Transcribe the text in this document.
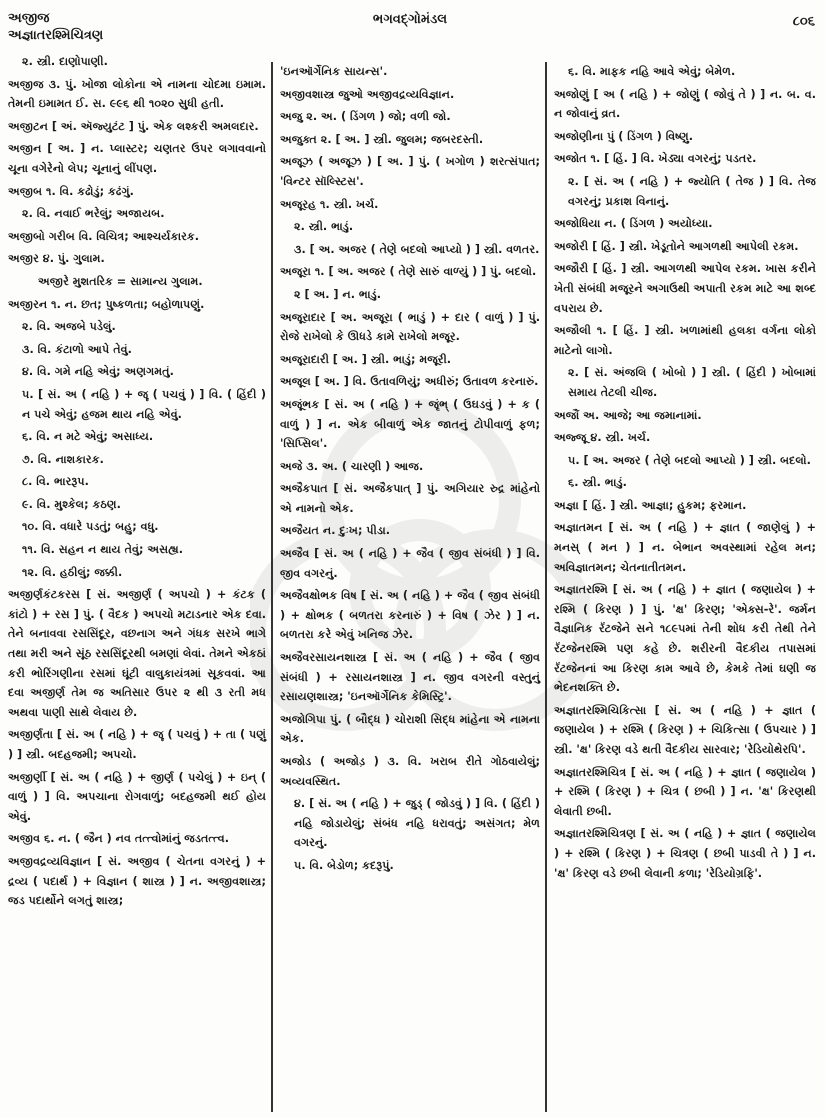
અજીજ
અજ્ઞાતરશ્મિચિત્રણ
ભગવદ્ગોમંડલ	૮૦૬

૨. સ્ત્રી. દાણોપાણી.

અજીજ ૩. પું. ખોજા લોકોના એ નામના ચોદમા ઇમામ. તેમની ઇમામત ઈ. સ. ૯૯૬ થી ૧૦૨૦ સુધી હતી.

અજીટન [ અં. ઍજ્યુટંટ ] પું. એક લશ્કરી અમલદાર.

અજીન [ અ. ] ન. પ્લાસ્ટર; ચણતર ઉપર લગાવવાનો ચૂના વગેરેનો લેપ; ચૂનાનું લીંપણ.

અજીબ ૧. વિ. કઢોડું; કઢંગું.

૨. વિ. નવાઈ ભરેલું; અજાયબ.

અજીબો ગરીબ વિ. વિચિત્ર; આશ્ચર્યકારક.

અજીર ૪. પું. ગુલામ.

અજીરે મુશતરિક = સામાન્ય ગુલામ.

અજીરન ૧. ન. છત; પુષ્કળતા; બહોળાપણું.

૨. વિ. અજબે પડેલું.

૩. વિ. કંટાળો આપે તેવું.

૪. વિ. ગમે નહિ એવું; અણગમતું.

૫. [ સં. અ ( નહિ ) + જૄ ( પચવું ) ] વિ. ( હિંદી ) ન પચે એવું; હજમ થાય નહિ એવું.

૬. વિ. ન મટે એવું; અસાધ્ય.

૭. વિ. નાશકારક.

૮. વિ. ભારરૂપ.

૯. વિ. મુશ્કેલ; કઠણ.

૧૦. વિ. વધારે પડતું; બહુ; વધુ.

૧૧. વિ. સહન ન થાય તેવું; અસહ્ય.

૧૨. વિ. હઠીલું; જક્કી.

અજીર્ણકંટકરસ [ સં. અજીર્ણ ( અપચો ) + કંટક ( કાંટો ) + રસ ] પું. ( વૈદક ) અપચો મટાડનાર એક દવા. તેને બનાવવા રસસિંદૂર, વછનાગ અને ગંધક સરખે ભાગે તથા મરી અને સૂંઠ રસસિંદૂરથી બમણાં લેવાં. તેમને એકઠાં કરી ભોરિંગણીના રસમાં ઘૂંટી વાલુકાયંત્રમાં સૂકવવાં. આ દવા અજીર્ણ તેમ જ અતિસાર ઉપર ૨ થી ૩ રતી મધ અથવા પાણી સાથે લેવાય છે.

અજીર્ણતા [ સં. અ ( નહિ ) + જૄ ( પચવું ) + તા ( પણું ) ] સ્ત્રી. બદહજમી; અપચો.

અજીર્ણી [ સં. અ ( નહિ ) + જીર્ણ ( પચેલું ) + ઇન્ ( વાળું ) ] વિ. અપચાના રોગવાળું; બદહજમી થઈ હોય એવું.

અજીવ ૬. ન. ( જૈન ) નવ તત્ત્વોમાંનું જડતત્ત્વ.

અજીવદ્રવ્યવિજ્ઞાન [ સં. અજીવ ( ચેતના વગરનું ) + દ્રવ્ય ( પદાર્થ ) + વિજ્ઞાન ( શાસ્ત્ર ) ] ન. અજીવશાસ્ત્ર; જડ પદાર્થોને લગતું શાસ્ત્ર;

'ઇનઑર્ગેનિક સાયન્સ'.

અજીવશાસ્ત્ર જુઓ અજીવદ્રવ્યવિજ્ઞાન.

અજુ ૨. અ. ( ડિંગળ ) જો; વળી જો.

અજુક્ત ૨. [ અ. ] સ્ત્રી. જુલમ; જબરદસ્તી.

અજૂઝ ( અજૂઝ ) [ અ. ] પું. ( ખગોળ ) શરત્સંપાત; 'વિન્ટર સૉલ્સ્ટિસ'.

અજૂરહ ૧. સ્ત્રી. ખર્ચ.

૨. સ્ત્રી. ભાડું.

૩. [ અ. અજર ( તેણે બદલો આપ્યો ) ] સ્ત્રી. વળતર.

અજૂરા ૧. [ અ. અજર ( તેણે સારું વાળ્યું ) ] પું. બદલો.

૨ [ અ. ] ન. ભાડું.

અજૂરાદાર [ અ. અજૂરા ( ભાડું ) + દાર ( વાળું ) ] પું. રોજે રાખેલો કે ઊધડે કામે રાખેલો મજૂર.

અજૂરાદારી [ અ. ] સ્ત્રી. ભાડું; મજૂરી.

અજૂલ [ અ. ] વિ. ઉતાવળિયું; અધીરું; ઉતાવળ કરનારું.

અજૂંભક [ સં. અ ( નહિ ) + જૃંભ્ ( ઉઘડવું ) + ક ( વાળું ) ] ન. એક બીવાળું એક જાતનું ટોપીવાળું ફળ; 'સિપ્સિલ'.

અજે ૩. અ. ( ચારણી ) આજ.

અજૈકપાત [ સં. અજૈકપાત્ ] પું. અગિયાર રુદ્ર માંહેનો એ નામનો એક.

અજૈયત ન. દુઃખ; પીડા.

અજૈવ [ સં. અ ( નહિ ) + જૈવ ( જીવ સંબંધી ) ] વિ. જીવ વગરનું.

અજૈવક્ષોભક વિષ [ સં. અ ( નહિ ) + જૈવ ( જીવ સંબંધી ) + ક્ષોભક ( બળતરા કરનારું ) + વિષ ( ઝેર ) ] ન. બળતરા કરે એવું ખનિજ ઝેર.

અજૈવરસાયનશાસ્ત્ર [ સં. અ ( નહિ ) + જૈવ ( જીવ સંબંધી ) + રસાયનશાસ્ત્ર ] ન. જીવ વગરની વસ્તુનું રસાયણશાસ્ત્ર; 'ઇનઑર્ગેનિક કેમિસ્ટ્રિ'.

અજોગિપા પું. ( બૌદ્ધ ) ચોરાશી સિદ્ધ માંહેના એ નામના એક.

અજોડ ( અજોડ઼ ) ૩. વિ. ખરાબ રીતે ગોઠવાયેલું; અવ્યવસ્થિત.

૪. [ સં. અ ( નહિ ) + જુડ્ ( જોડવું ) ] વિ. ( હિંદી ) નહિ જોડાયેલું; સંબંધ નહિ ધરાવતું; અસંગત; મેળ વગરનું.

૫. વિ. બેડોળ; કદરૂપું.

૬. વિ. માફક નહિ આવે એવું; બેમેળ.

અજોણું [ અ ( નહિ ) + જોણું ( જોવું તે ) ] ન. બ. વ. ન જોવાનું વ્રત.

અજોણીના પું ( ડિંગળ ) વિષ્ણુ.

અજોત ૧. [ હિં. ] વિ. ખેડ્યા વગરનું; પડતર.

૨. [ સં. અ ( નહિ ) + જ્યોતિ ( તેજ ) ] વિ. તેજ વગરનું; પ્રકાશ વિનાનું.

અજોધિયા ન. ( ડિંગળ ) અયોધ્યા.

અજોરી [ હિં. ] સ્ત્રી. ખેડૂતોને આગળથી આપેલી રકમ.

અજૌરી [ હિં. ] સ્ત્રી. આગળથી આપેલ રકમ. ખાસ કરીને ખેતી સંબંધી મજૂરને અગાઉથી અપાતી રકમ માટે આ શબ્દ વપરાય છે.

અજૌલી ૧. [ હિં. ] સ્ત્રી. ખળામાંથી હલકા વર્ગના લોકો માટેનો લાગો.

૨. [ સં. અંજલિ ( ખોબો ) ] સ્ત્રી. ( હિંદી ) ખોબામાં સમાય તેટલી ચીજ.

અજૌં અ. આજે; આ જમાનામાં.

અજ્જૂ ૪. સ્ત્રી. ખર્ચ.

૫. [ અ. અજર ( તેણે બદલો આપ્યો ) ] સ્ત્રી. બદલો.

૬. સ્ત્રી. ભાડું.

અજ્ઞા [ હિં. ] સ્ત્રી. આજ્ઞા; હુકમ; ફરમાન.

અજ્ઞાતમન [ સં. અ ( નહિ ) + જ્ઞાત ( જાણેલું ) + મનસ્ ( મન ) ] ન. બેભાન અવસ્થામાં રહેલ મન; અવિજ્ઞાતમન; ચેતનાતીતમન.

અજ્ઞાતરશ્મિ [ સં. અ ( નહિ ) + જ્ઞાત ( જણાયેલ ) + રશ્મિ ( કિરણ ) ] પું. 'ક્ષ' કિરણ; 'એક્સ-રે'. જર્મન વૈજ્ઞાનિક રૅંટજેને સને ૧૮૯૫માં તેની શોધ કરી તેથી તેને રૅંટજેનરશ્મિ પણ કહે છે. શરીરની વૈદકીય તપાસમાં રૅંટજેનનાં આ કિરણ કામ આવે છે, કેમકે તેમાં ઘણી જ ભેદનશક્તિ છે.

અજ્ઞાતરશ્મિચિકિત્સા [ સં. અ ( નહિ ) + જ્ઞાત ( જણાયેલ ) + રશ્મિ ( કિરણ ) + ચિકિત્સા ( ઉપચાર ) ] સ્ત્રી. 'ક્ષ' કિરણ વડે થતી વૈદકીય સારવાર; 'રેડિયોથેરપિ'.

અજ્ઞાતરશ્મિચિત્ર [ સં. અ ( નહિ ) + જ્ઞાત ( જણાયેલ ) + રશ્મિ ( કિરણ ) + ચિત્ર ( છબી ) ] ન. 'ક્ષ' કિરણથી લેવાતી છબી.

અજ્ઞાતરશ્મિચિત્રણ [ સં. અ ( નહિ ) + જ્ઞાત ( જણાયેલ ) + રશ્મિ ( કિરણ ) + ચિત્રણ ( છબી પાડવી તે ) ] ન. 'ક્ષ' કિરણ વડે છબી લેવાની કળા; 'રેડિયોગ્રફિ'.
